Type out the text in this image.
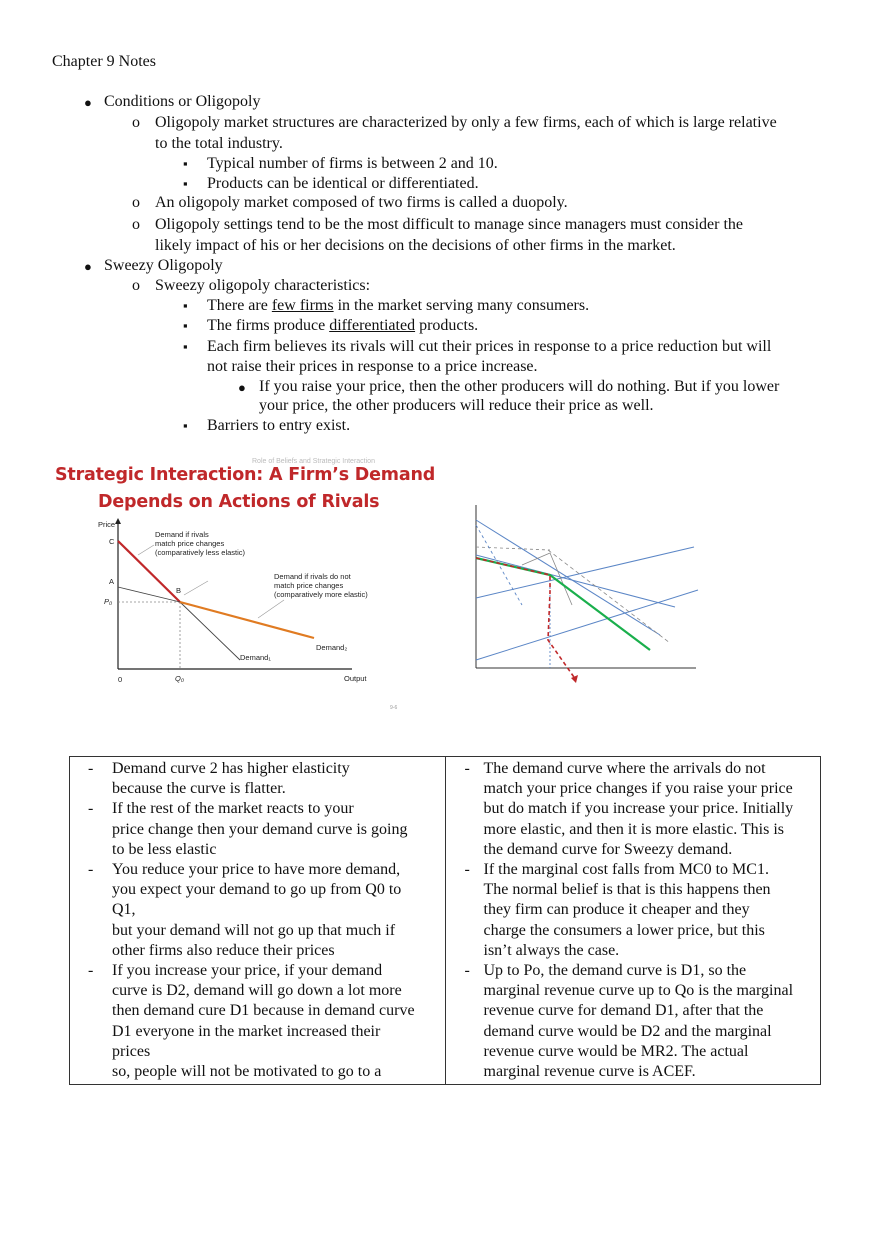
Chapter 9 Notes
● Conditions or Oligopoly
o Oligopoly market structures are characterized by only a few firms, each of which is large relative
to the total industry.
▪ Typical number of firms is between 2 and 10.
▪ Products can be identical or differentiated.
o An oligopoly market composed of two firms is called a duopoly.
o Oligopoly settings tend to be the most difficult to manage since managers must consider the
likely impact of his or her decisions on the decisions of other firms in the market.
● Sweezy Oligopoly
o Sweezy oligopoly characteristics:
▪ There are few firms in the market serving many consumers.
▪ The firms produce differentiated products.
▪ Each firm believes its rivals will cut their prices in response to a price reduction but will
not raise their prices in response to a price increase.
● If you raise your price, then the other producers will do nothing. But if you lower
your price, the other producers will reduce their price as well.
▪ Barriers to entry exist.
Role of Beliefs and Strategic Interaction
Strategic Interaction: A Firm’s Demand
Depends on Actions of Rivals
Price
C
A
B
P₀
0	Q₀	Output
Demand if rivals
match price changes
(comparatively less elastic)
Demand if rivals do not
match price changes
(comparatively more elastic)
Demand₂
Demand₁
9-6
- Demand curve 2 has higher elasticity
because the curve is flatter.
- If the rest of the market reacts to your
price change then your demand curve is going
to be less elastic
- You reduce your price to have more demand,
you expect your demand to go up from Q0 to
Q1,
but your demand will not go up that much if
other firms also reduce their prices
- If you increase your price, if your demand
curve is D2, demand will go down a lot more
then demand cure D1 because in demand curve
D1 everyone in the market increased their
prices
so, people will not be motivated to go to a

- The demand curve where the arrivals do not
match your price changes if you raise your price
but do match if you increase your price. Initially
more elastic, and then it is more elastic. This is
the demand curve for Sweezy demand.
- If the marginal cost falls from MC0 to MC1.
The normal belief is that is this happens then
they firm can produce it cheaper and they
charge the consumers a lower price, but this
isn’t always the case.
- Up to Po, the demand curve is D1, so the
marginal revenue curve up to Qo is the marginal
revenue curve for demand D1, after that the
demand curve would be D2 and the marginal
revenue curve would be MR2. The actual
marginal revenue curve is ACEF.
